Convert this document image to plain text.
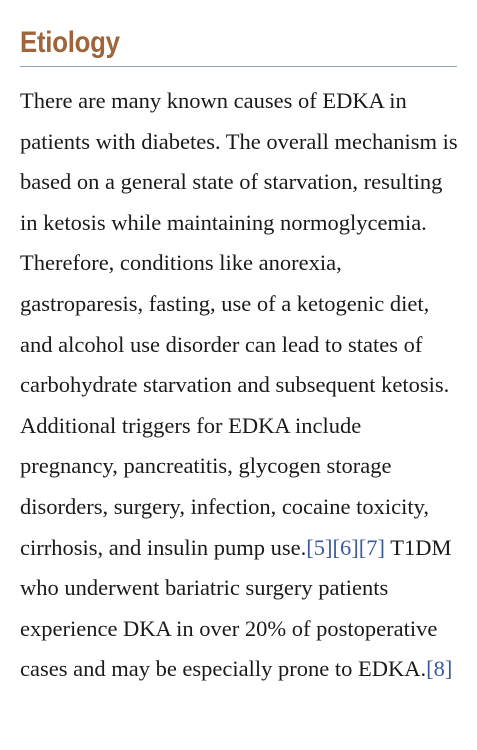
Etiology

There are many known causes of EDKA in patients with diabetes. The overall mechanism is based on a general state of starvation, resulting in ketosis while maintaining normoglycemia. Therefore, conditions like anorexia, gastroparesis, fasting, use of a ketogenic diet, and alcohol use disorder can lead to states of carbohydrate starvation and subsequent ketosis. Additional triggers for EDKA include pregnancy, pancreatitis, glycogen storage disorders, surgery, infection, cocaine toxicity, cirrhosis, and insulin pump use.[5][6][7] T1DM who underwent bariatric surgery patients experience DKA in over 20% of postoperative cases and may be especially prone to EDKA.[8]
